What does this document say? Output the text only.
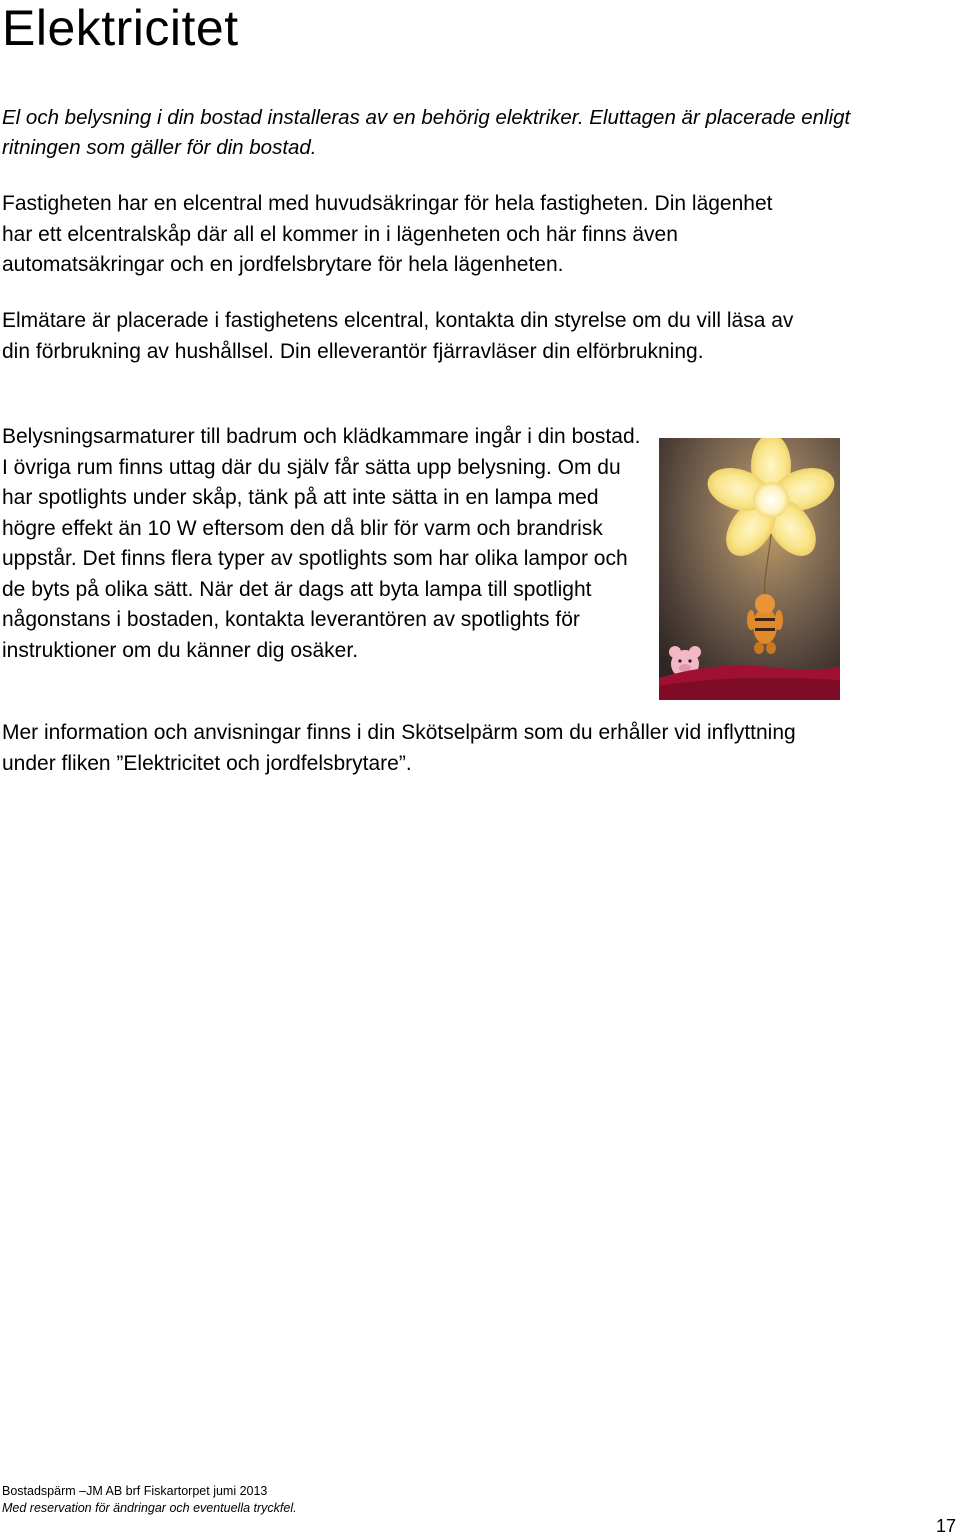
Elektricitet

El och belysning i din bostad installeras av en behörig elektriker. Eluttagen är placerade enligt ritningen som gäller för din bostad.

Fastigheten har en elcentral med huvudsäkringar för hela fastigheten. Din lägenhet har ett elcentralskåp där all el kommer in i lägenheten och här finns även automatsäkringar och en jordfelsbrytare för hela lägenheten.

Elmätare är placerade i fastighetens elcentral, kontakta din styrelse om du vill läsa av din förbrukning av hushållsel. Din elleverantör fjärravläser din elförbrukning.

Belysningsarmaturer till badrum och klädkammare ingår i din bostad. I övriga rum finns uttag där du själv får sätta upp belysning. Om du har spotlights under skåp, tänk på att inte sätta in en lampa med högre effekt än 10 W eftersom den då blir för varm och brandrisk uppstår. Det finns flera typer av spotlights som har olika lampor och de byts på olika sätt. När det är dags att byta lampa till spotlight någonstans i bostaden, kontakta leverantören av spotlights för instruktioner om du känner dig osäker.

Mer information och anvisningar finns i din Skötselpärm som du erhåller vid inflyttning under fliken ”Elektricitet och jordfelsbrytare”.

Bostadspärm –JM AB brf Fiskartorpet jumi 2013

Med reservation för ändringar och eventuella tryckfel.

17
